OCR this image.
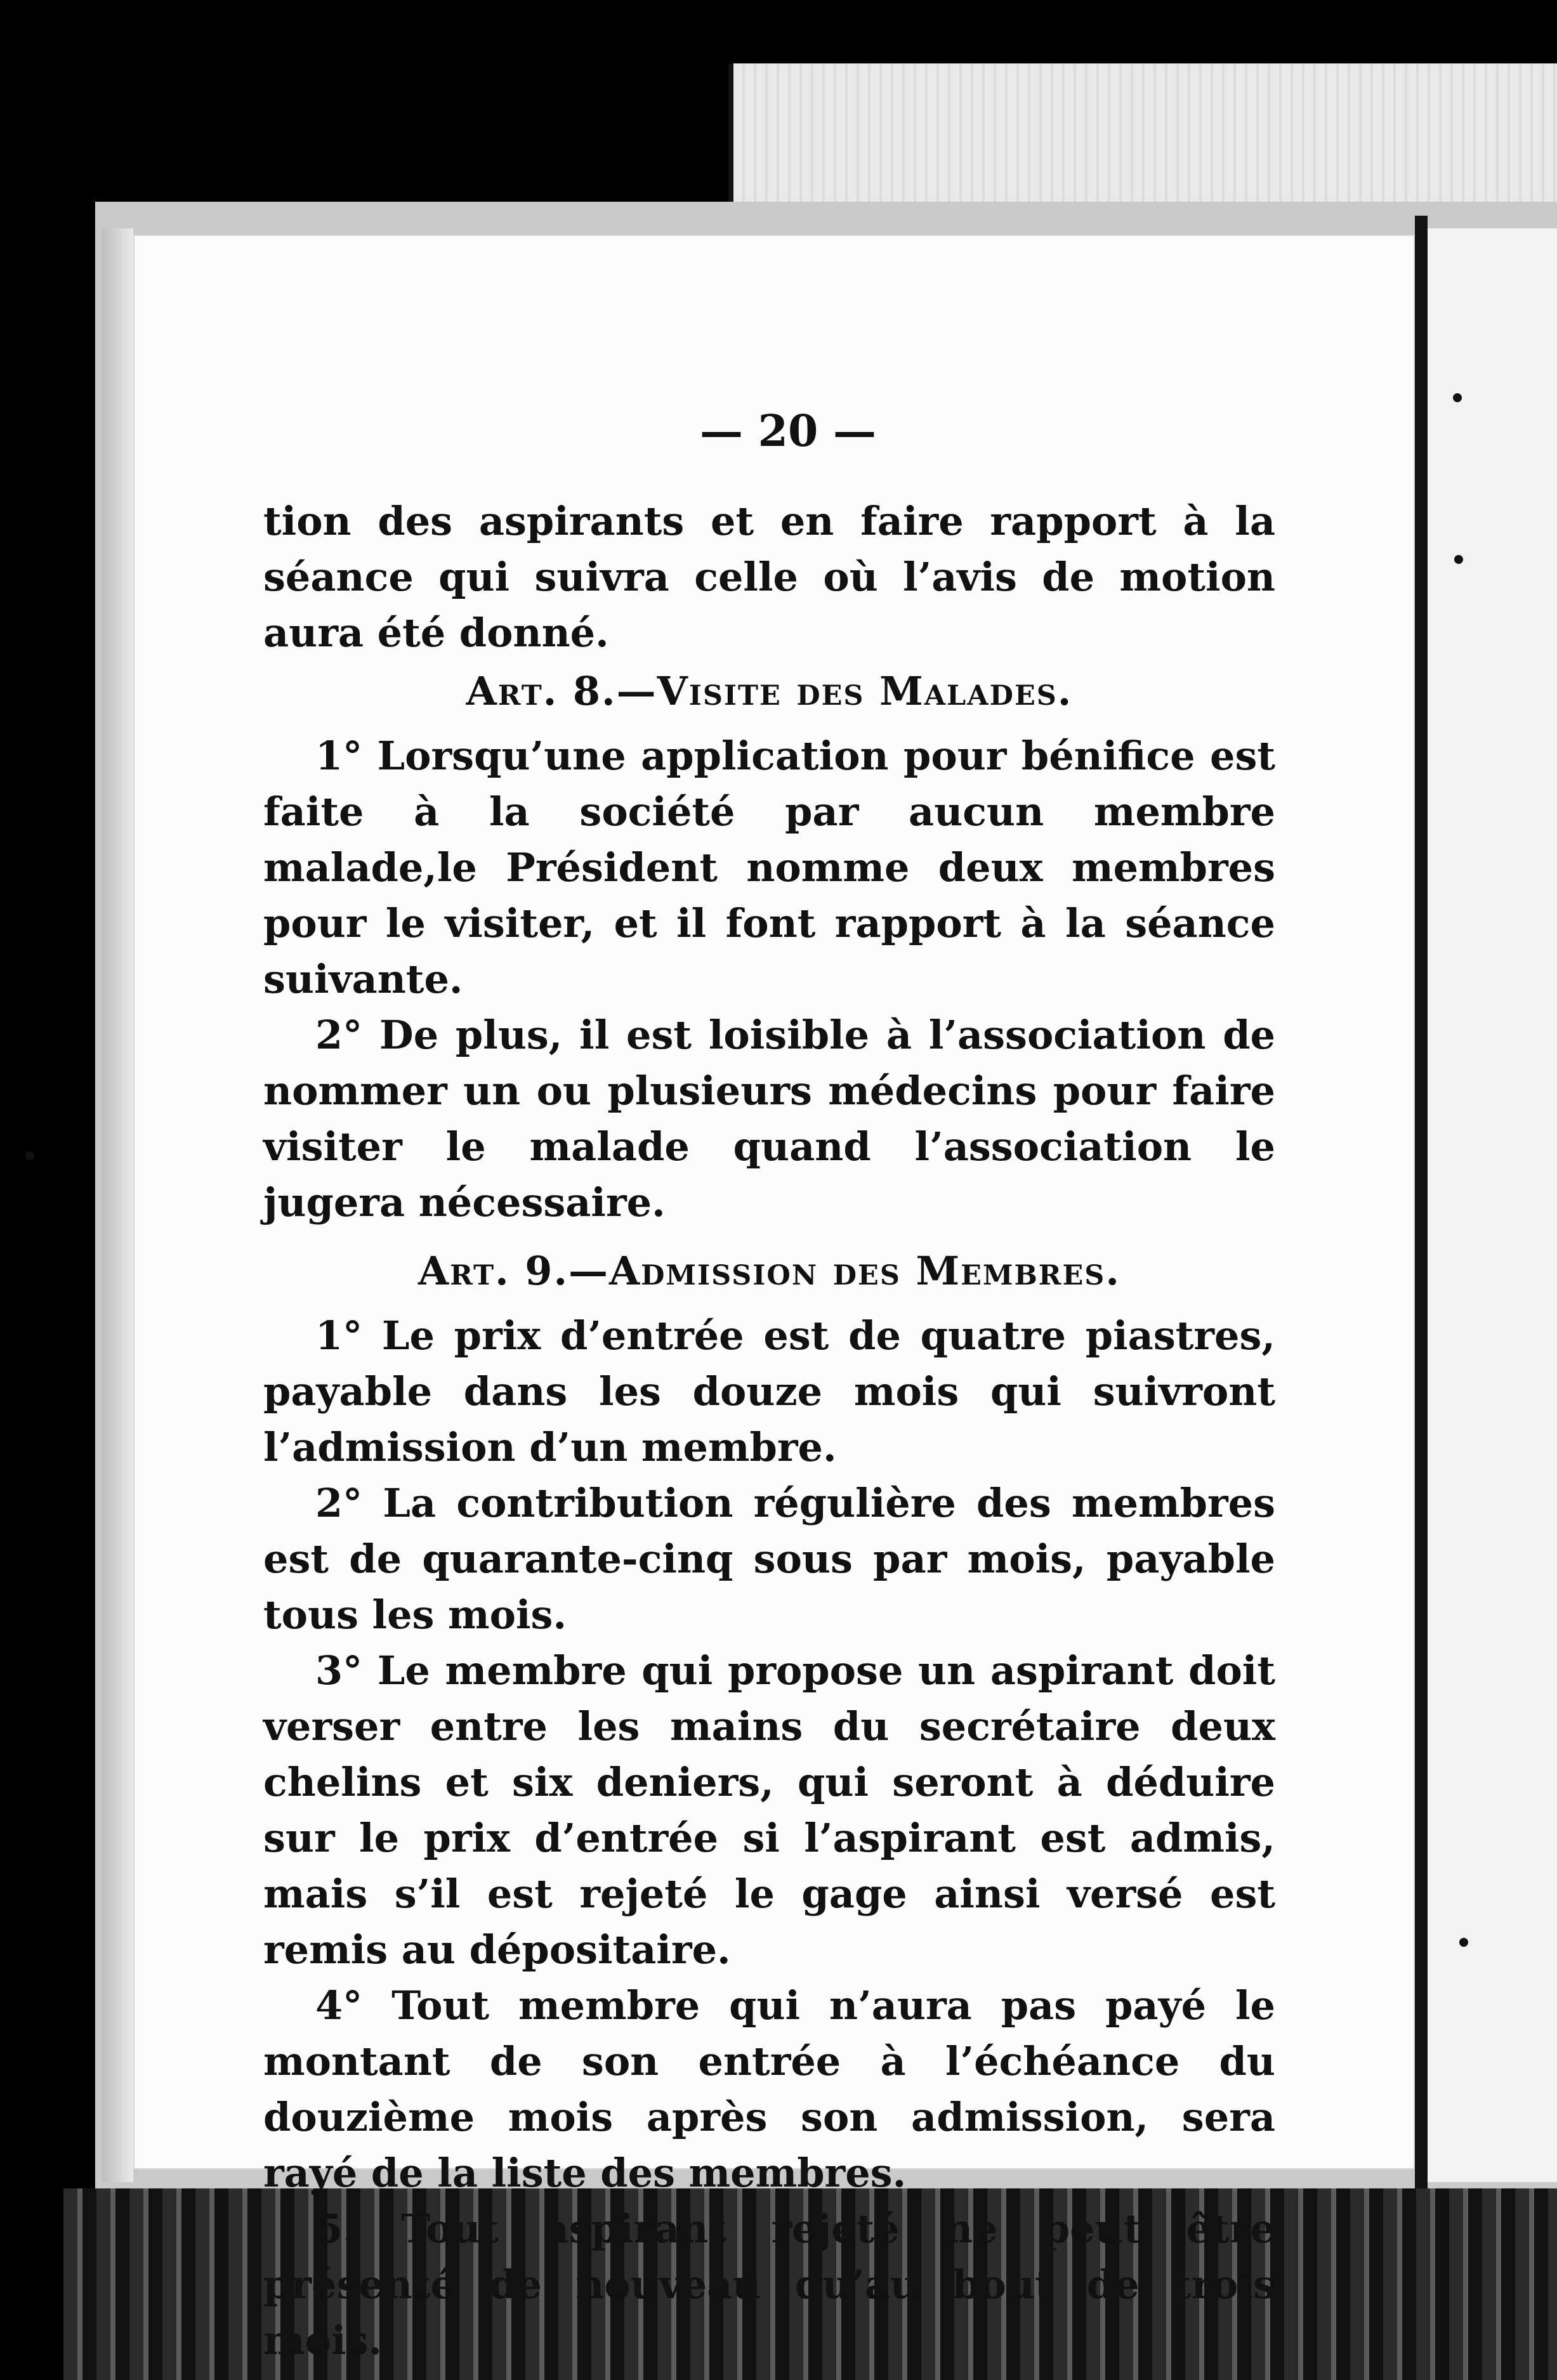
— 20 —

tion des aspirants et en faire rapport à la séance qui suivra celle où l’avis de motion aura été donné.

Art. 8.—Visite des Malades.

1° Lorsqu’une application pour bénifice est faite à la société par aucun membre malade,le Président nomme deux membres pour le visiter, et il font rapport à la séance suivante.

2° De plus, il est loisible à l’association de nommer un ou plusieurs médecins pour faire visiter le malade quand l’association le jugera nécessaire.

Art. 9.—Admission des Membres.

1° Le prix d’entrée est de quatre piastres, payable dans les douze mois qui suivront l’admission d’un membre.

2° La contribution régulière des membres est de quarante-cinq sous par mois, payable tous les mois.

3° Le membre qui propose un aspirant doit verser entre les mains du secrétaire deux chelins et six deniers, qui seront à déduire sur le prix d’entrée si l’aspirant est admis, mais s’il est rejeté le gage ainsi versé est remis au dépositaire.

4° Tout membre qui n’aura pas payé le montant de son entrée à l’échéance du douzième mois après son admission, sera rayé de la liste des membres.

5. Tout aspirant rejeté ne peut être présenté de nouveau qu’au bout de trois mois.
